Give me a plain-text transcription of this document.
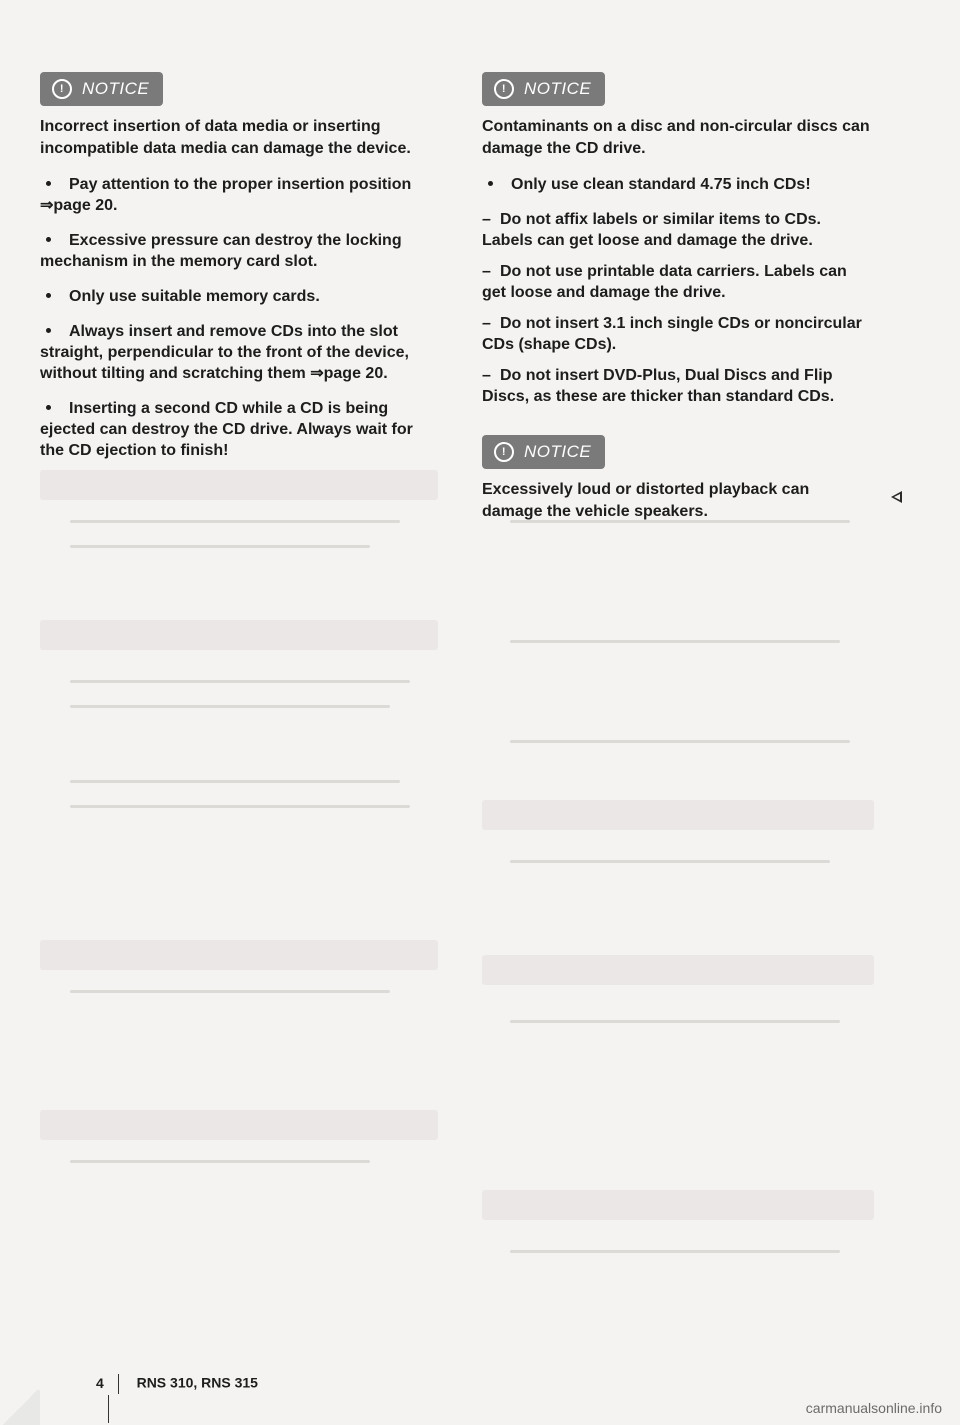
!	NOTICE
Incorrect insertion of data media or inserting incompatible data media can damage the device.
Pay attention to the proper insertion position ⇒page 20.
Excessive pressure can destroy the locking mechanism in the memory card slot.
Only use suitable memory cards.
Always insert and remove CDs into the slot straight, perpendicular to the front of the device, without tilting and scratching them ⇒page 20.
Inserting a second CD while a CD is being ejected can destroy the CD drive. Always wait for the CD ejection to finish!
!	NOTICE
Contaminants on a disc and non-circular discs can damage the CD drive.
Only use clean standard 4.75 inch CDs!
– Do not affix labels or similar items to CDs. Labels can get loose and damage the drive.
– Do not use printable data carriers. Labels can get loose and damage the drive.
– Do not insert 3.1 inch single CDs or noncircular CDs (shape CDs).
– Do not insert DVD-Plus, Dual Discs and Flip Discs, as these are thicker than standard CDs.
!	NOTICE
Excessively loud or distorted playback can damage the vehicle speakers.
4 RNS 310, RNS 315
carmanualsonline.info
